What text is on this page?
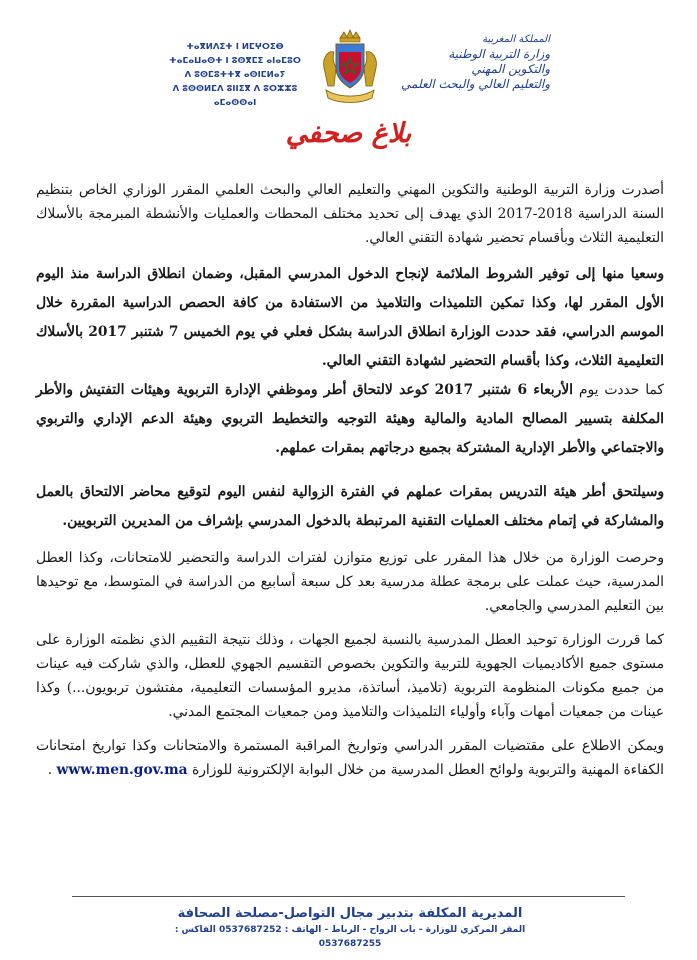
ⵜⴰⴳⵍⴷⵉⵜ ⵏ ⵍⵎⵖⵔⵉⴱ
ⵜⴰⵎⴰⵡⴰⵙⵜ ⵏ ⵓⵙⴳⵎⵉ ⴰⵏⴰⵎⵓⵔ
ⴷ ⵓⵙⵎⵓⵜⵜⴳ ⴰⵙⵏⵎⵍⴰⵢ
ⴷ ⵓⵙⵙⵍⵎⴷ ⵓⵏⵏⵉⴳ ⴷ ⵓⵔⵣⵣⵓ ⴰⵎⴰⵙⵙⴰⵏ
المملكة المغربية
وزارة التربية الوطنية
والتكوين المهني
والتعليم العالي والبحث العلمي
بلاغ صحفي

أصدرت وزارة التربية الوطنية والتكوين المهني والتعليم العالي والبحث العلمي المقرر الوزاري الخاص بتنظيم السنة الدراسية 2018-2017 الذي يهدف إلى تحديد مختلف المحطات والعمليات والأنشطة المبرمجة بالأسلاك التعليمية الثلاث وبأقسام تحضير شهادة التقني العالي.

وسعيا منها إلى توفير الشروط الملائمة لإنجاح الدخول المدرسي المقبل، وضمان انطلاق الدراسة منذ اليوم الأول المقرر لها، وكذا تمكين التلميذات والتلاميذ من الاستفادة من كافة الحصص الدراسية المقررة خلال الموسم الدراسي، فقد حددت الوزارة انطلاق الدراسة بشكل فعلي في يوم الخميس 7 شتنبر 2017 بالأسلاك التعليمية الثلاث، وكذا بأقسام التحضير لشهادة التقني العالي.

كما حددت يوم الأربعاء 6 شتنبر 2017 كوعد لالتحاق أطر وموظفي الإدارة التربوية وهيئات التفتيش والأطر المكلفة بتسيير المصالح المادية والمالية وهيئة التوجيه والتخطيط التربوي وهيئة الدعم الإداري والتربوي والاجتماعي والأطر الإدارية المشتركة بجميع درجاتهم بمقرات عملهم.

وسيلتحق أطر هيئة التدريس بمقرات عملهم في الفترة الزوالية لنفس اليوم لتوقيع محاضر الالتحاق بالعمل والمشاركة في إتمام مختلف العمليات التقنية المرتبطة بالدخول المدرسي بإشراف من المديرين التربويين.

وحرصت الوزارة من خلال هذا المقرر على توزيع متوازن لفترات الدراسة والتحضير للامتحانات، وكذا العطل المدرسية، حيث عملت على برمجة عطلة مدرسية بعد كل سبعة أسابيع من الدراسة في المتوسط، مع توحيدها بين التعليم المدرسي والجامعي.

كما قررت الوزارة توحيد العطل المدرسية بالنسبة لجميع الجهات ، وذلك نتيجة التقييم الذي نظمته الوزارة على مستوى جميع الأكاديميات الجهوية للتربية والتكوين بخصوص التقسيم الجهوي للعطل، والذي شاركت فيه عينات من جميع مكونات المنظومة التربوية (تلاميذ، أساتذة، مديرو المؤسسات التعليمية، مفتشون تربويون...) وكذا عينات من جمعيات أمهات وآباء وأولياء التلميذات والتلاميذ ومن جمعيات المجتمع المدني.

ويمكن الاطلاع على مقتضيات المقرر الدراسي وتواريخ المراقبة المستمرة والامتحانات وكذا تواريخ امتحانات الكفاءة المهنية والتربوية ولوائح العطل المدرسية من خلال البوابة الإلكترونية للوزارة www.men.gov.ma .

المديرية المكلفة بتدبير مجال التواصل-مصلحة الصحافة
المقر المركزي للوزارة - باب الرواح - الرباط - الهاتف : 0537687252 الفاكس : 0537687255
